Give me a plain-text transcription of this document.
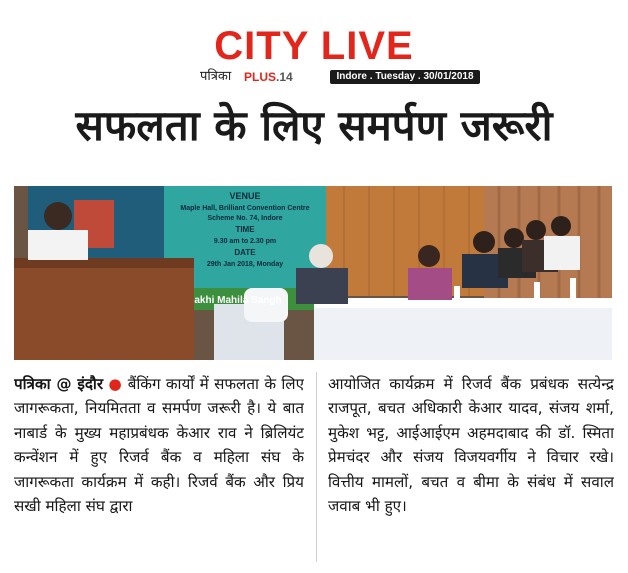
CITY LIVE
पत्रिका PLUS.14	Indore . Tuesday . 30/01/2018
सफलता के लिए समर्पण जरूरी
VENUE
Maple Hall, Brilliant Convention Centre
Scheme No. 74, Indore
TIME
9.30 am to 2.30 pm
DATE
29th Jan 2018, Monday
akhi Mahila Sangh
पत्रिका @ इंदौर ● बैंकिंग कार्यों में सफलता के लिए जागरूकता, नियमितता व समर्पण जरूरी है। ये बात नाबार्ड के मुख्य महाप्रबंधक केआर राव ने ब्रिलियंट कन्वेंशन में हुए रिजर्व बैंक व महिला संघ के जागरूकता कार्यक्रम में कही। रिजर्व बैंक और प्रिय सखी महिला संघ द्वारा
आयोजित कार्यक्रम में रिजर्व बैंक प्रबंधक सत्येन्द्र राजपूत, बचत अधिकारी केआर यादव, संजय शर्मा, मुकेश भट्ट, आईआईएम अहमदाबाद की डॉ. स्मिता प्रेमचंदर और संजय विजयवर्गीय ने विचार रखे। वित्तीय मामलों, बचत व बीमा के संबंध में सवाल जवाब भी हुए।
